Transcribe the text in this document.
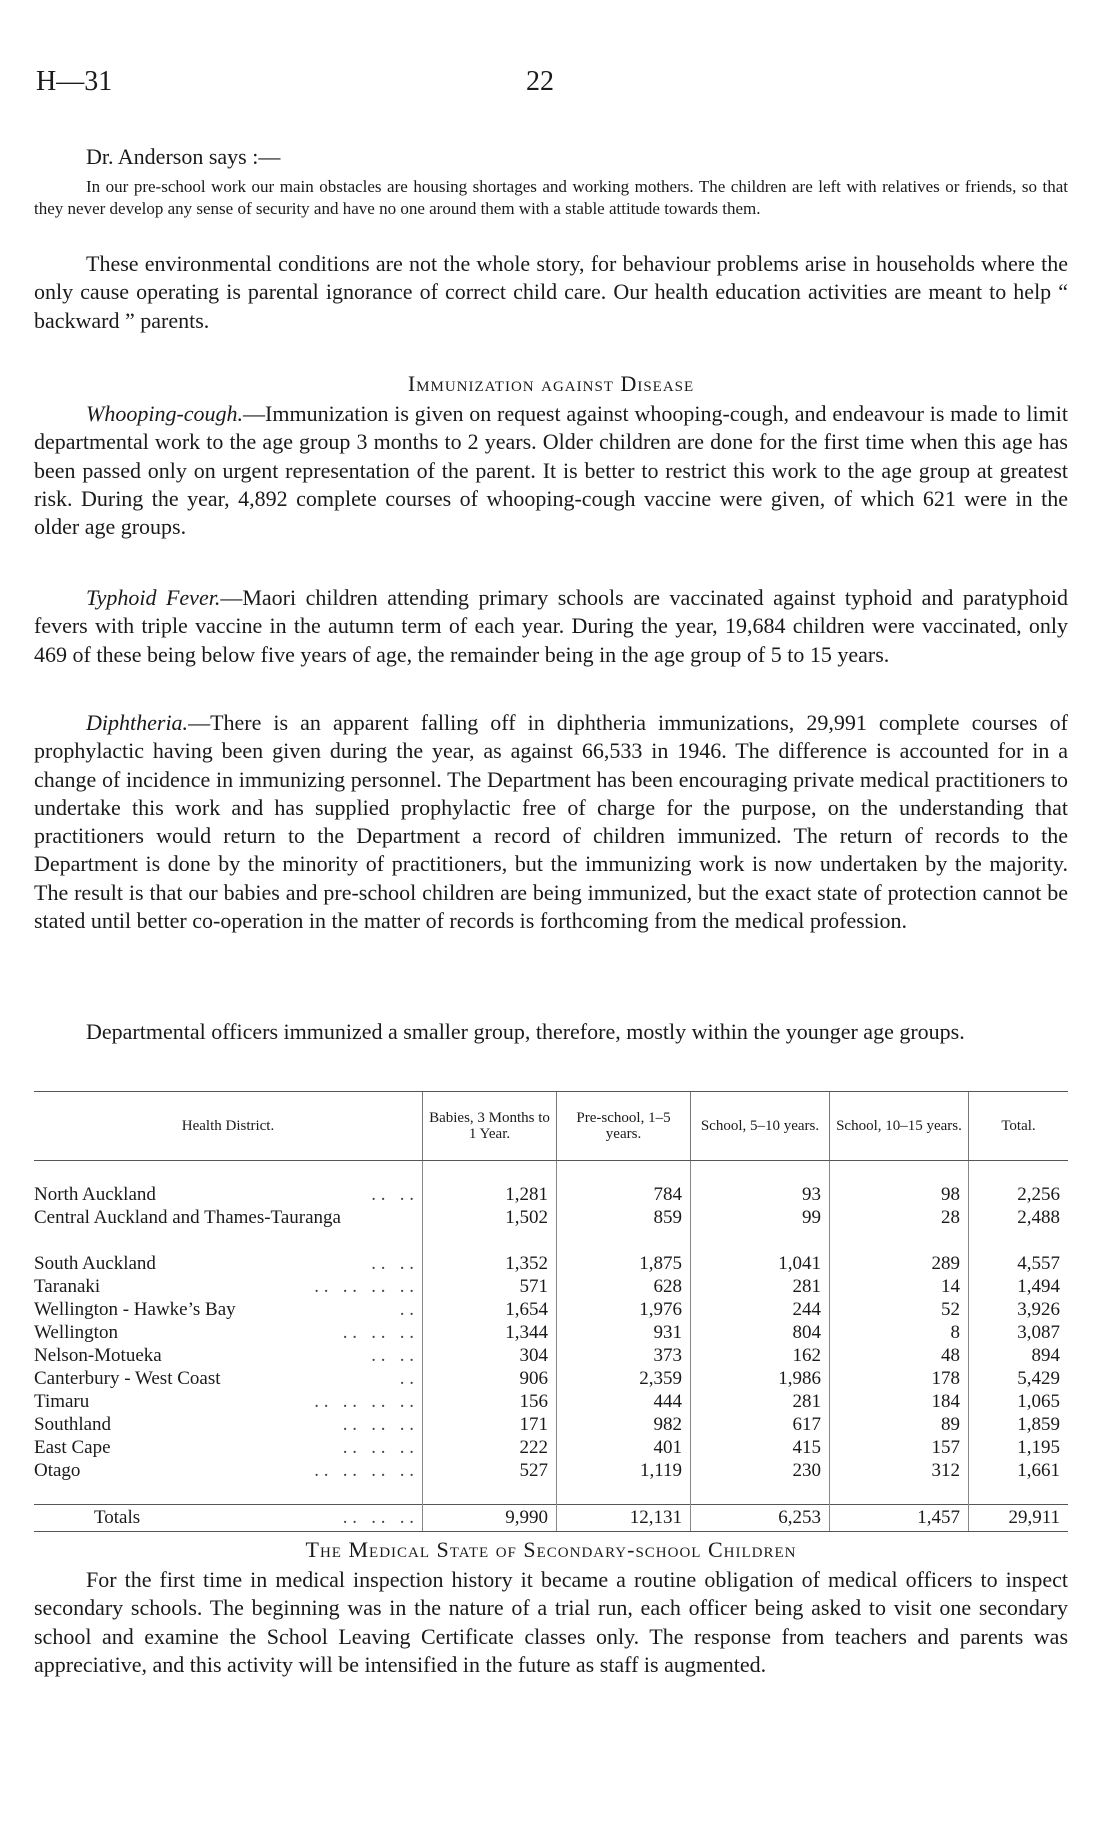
H—31	22
Dr. Anderson says :—
In our pre-school work our main obstacles are housing shortages and working mothers. The children are left with relatives or friends, so that they never develop any sense of security and have no one around them with a stable attitude towards them.
These environmental conditions are not the whole story, for behaviour problems arise in households where the only cause operating is parental ignorance of correct child care. Our health education activities are meant to help “ backward ” parents.
Immunization against Disease
Whooping-cough.—Immunization is given on request against whooping-cough, and endeavour is made to limit departmental work to the age group 3 months to 2 years. Older children are done for the first time when this age has been passed only on urgent representation of the parent. It is better to restrict this work to the age group at greatest risk. During the year, 4,892 complete courses of whooping-cough vaccine were given, of which 621 were in the older age groups.
Typhoid Fever.—Maori children attending primary schools are vaccinated against typhoid and paratyphoid fevers with triple vaccine in the autumn term of each year. During the year, 19,684 children were vaccinated, only 469 of these being below five years of age, the remainder being in the age group of 5 to 15 years.
Diphtheria.—There is an apparent falling off in diphtheria immunizations, 29,991 complete courses of prophylactic having been given during the year, as against 66,533 in 1946. The difference is accounted for in a change of incidence in immunizing personnel. The Department has been encouraging private medical practitioners to undertake this work and has supplied prophylactic free of charge for the purpose, on the understanding that practitioners would return to the Department a record of children immunized. The return of records to the Department is done by the minority of practitioners, but the immunizing work is now undertaken by the majority. The result is that our babies and pre-school children are being immunized, but the exact state of protection cannot be stated until better co-operation in the matter of records is forthcoming from the medical profession.
Departmental officers immunized a smaller group, therefore, mostly within the younger age groups.
Health District.	Babies, 3 Months to 1 Year.	Pre-school, 1–5 years.	School, 5–10 years.	School, 10–15 years.	Total.

North Auckland . .   . .	1,281	784	93	98	2,256
Central Auckland and Thames-Tauranga	1,502	859	99	28	2,488
South Auckland . .   . .	1,352	1,875	1,041	289	4,557
Taranaki . .   . .   . .   . .	571	628	281	14	1,494
Wellington - Hawke’s Bay . .	1,654	1,976	244	52	3,926
Wellington . .   . .   . .	1,344	931	804	8	3,087
Nelson-Motueka . .   . .	304	373	162	48	894
Canterbury - West Coast . .	906	2,359	1,986	178	5,429
Timaru . .   . .   . .   . .	156	444	281	184	1,065
Southland . .   . .   . .	171	982	617	89	1,859
East Cape . .   . .   . .	222	401	415	157	1,195
Otago . .   . .   . .   . .	527	1,119	230	312	1,661

Totals . .   . .   . .	9,990	12,131	6,253	1,457	29,911
The Medical State of Secondary-school Children
For the first time in medical inspection history it became a routine obligation of medical officers to inspect secondary schools. The beginning was in the nature of a trial run, each officer being asked to visit one secondary school and examine the School Leaving Certificate classes only. The response from teachers and parents was appreciative, and this activity will be intensified in the future as staff is augmented.
